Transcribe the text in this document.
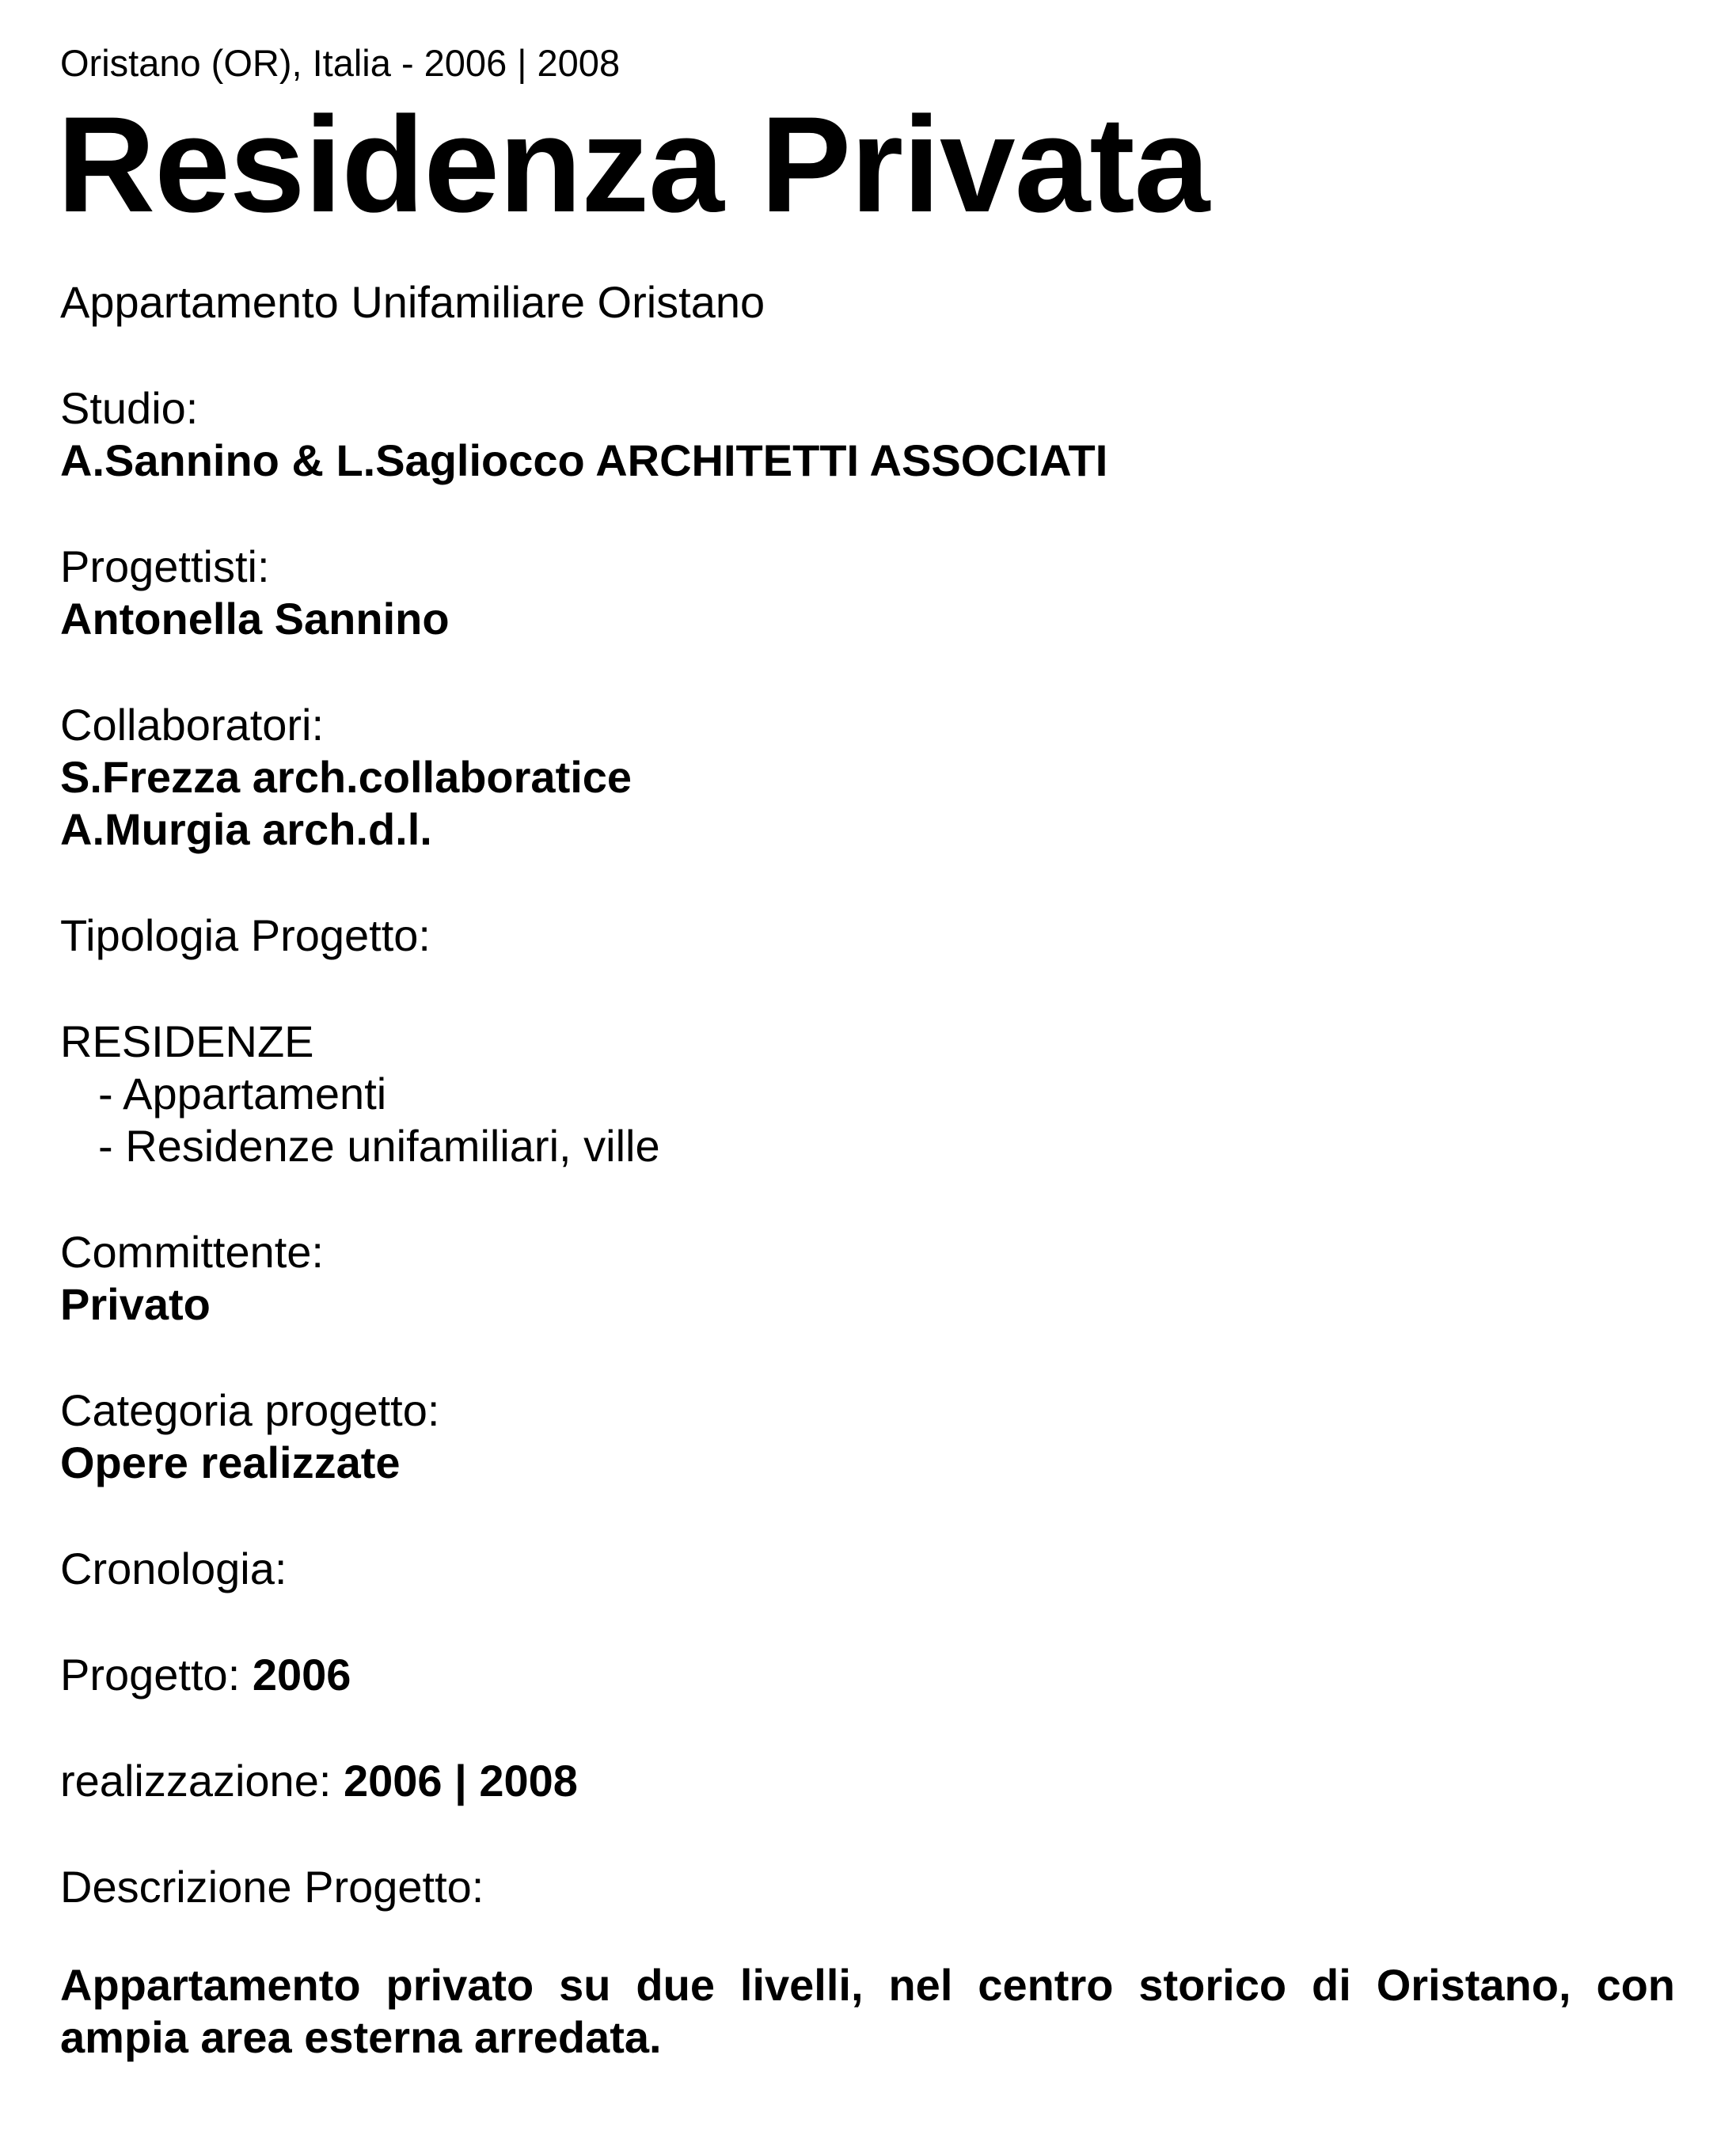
Oristano (OR), Italia - 2006 | 2008
Residenza Privata
Appartamento Unifamiliare Oristano
Studio:
A.Sannino & L.Sagliocco ARCHITETTI ASSOCIATI
Progettisti:
Antonella Sannino
Collaboratori:
S.Frezza arch.collaboratice
A.Murgia arch.d.l.
Tipologia Progetto:
RESIDENZE
- Appartamenti
- Residenze unifamiliari, ville
Committente:
Privato
Categoria progetto:
Opere realizzate
Cronologia:
Progetto: 2006
realizzazione: 2006 | 2008
Descrizione Progetto:
Appartamento privato su due livelli, nel centro storico di Oristano, con ampia area esterna arredata.
